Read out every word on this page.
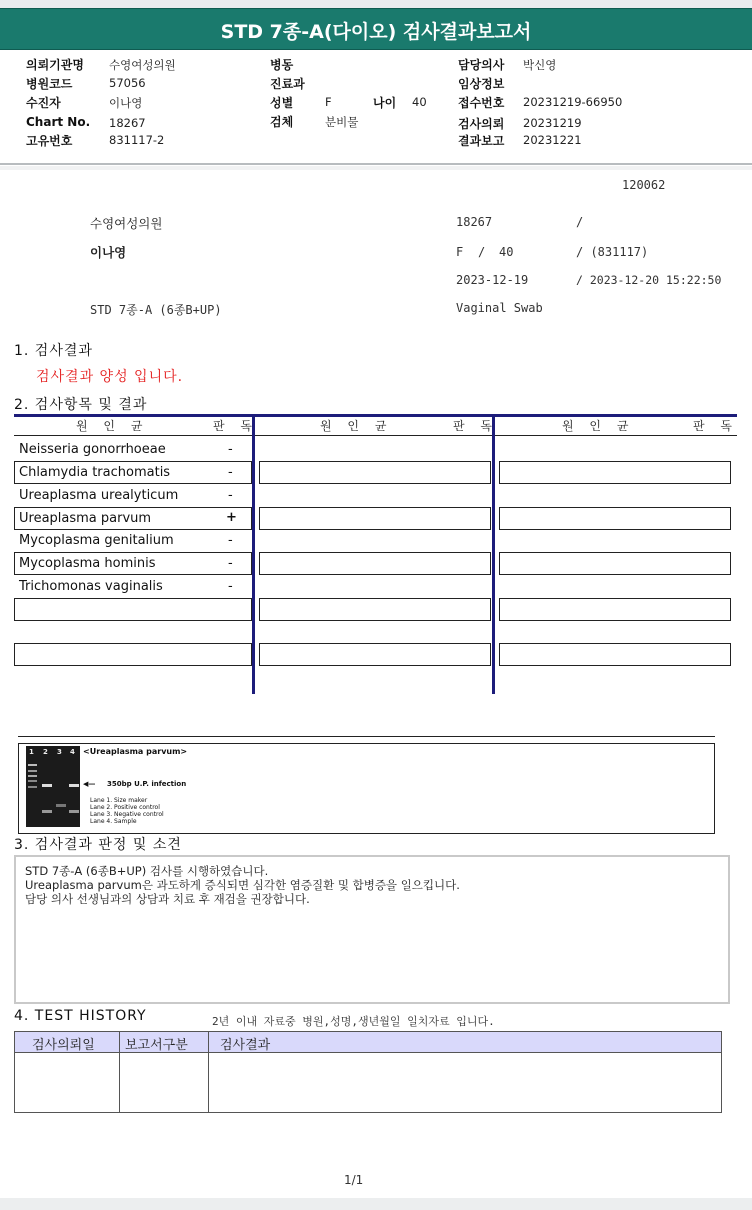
STD 7종-A(다이오) 검사결과보고서
의뢰기관명 수영여성의원
병원코드	57056
수진자	이나영
Chart No. 18267
고유번호	831117-2
병동
진료과
성별	F	나이 40
검체	분비물
담당의사 박신영
임상정보
접수번호 20231219-66950
검사의뢰 20231219
결과보고 20231221
120062
수영여성의원	18267	/
이나영	F / 40	/ (831117)
2023-12-19	/ 2023-12-20 15:22:50
STD 7종-A (6종B+UP)	Vaginal Swab
1. 검사결과
검사결과 양성 입니다.
2. 검사항목 및 결과
원 인 균	판 독	원 인 균	판 독	원 인 균	판 독
Neisseria gonorrhoeae	-
Chlamydia trachomatis	-
Ureaplasma urealyticum	-
Ureaplasma parvum	+
Mycoplasma genitalium	-
Mycoplasma hominis	-
Trichomonas vaginalis	-
1 2 3 4 <Ureaplasma parvum>
◀— 350bp U.P. infection
Lane 1. Size maker
Lane 2. Positive control
Lane 3. Negative control
Lane 4. Sample
3. 검사결과 판정 및 소견
STD 7종-A (6종B+UP) 검사를 시행하였습니다.
Ureaplasma parvum은 과도하게 증식되면 심각한 염증질환 및 합병증을 일으킵니다.
담당 의사 선생님과의 상담과 치료 후 재검을 권장합니다.
4. TEST HISTORY	2년 이내 자료중 병원,성명,생년월일 일치자료 입니다.
검사의뢰일 보고서구분 검사결과
1/1
